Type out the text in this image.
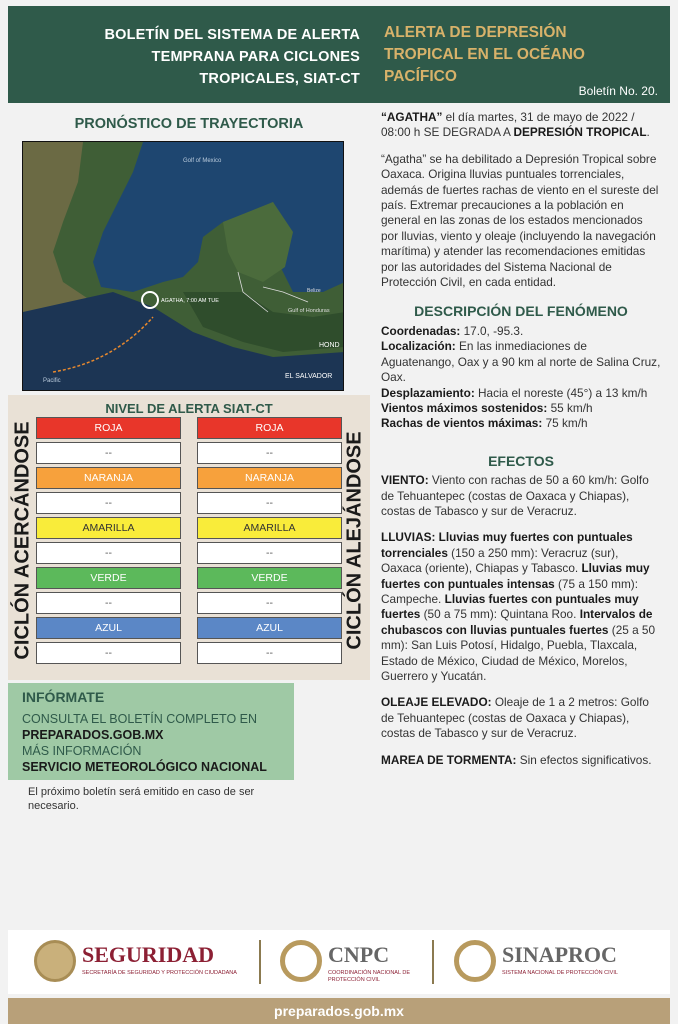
BOLETÍN DEL SISTEMA DE ALERTA
TEMPRANA PARA CICLONES
TROPICALES, SIAT-CT
ALERTA DE DEPRESIÓN
TROPICAL EN EL OCÉANO
PACÍFICO
Boletín No. 20.
PRONÓSTICO DE TRAYECTORIA
Golf of Mexico
Pacific
AGATHA, 7:00 AM TUE
Gulf of Honduras
HOND
EL SALVADOR
Belize
NIVEL DE ALERTA SIAT-CT
CICLÓN ACERCÁNDOSE	CICLÓN ALEJÁNDOSE
ROJA
--
NARANJA
--
AMARILLA
--
VERDE
--
AZUL
--
ROJA
--
NARANJA
--
AMARILLA
--
VERDE
--
AZUL
--
INFÓRMATE
CONSULTA EL BOLETÍN COMPLETO EN
PREPARADOS.GOB.MX
MÁS INFORMACIÓN
SERVICIO METEOROLÓGICO NACIONAL
El próximo boletín será emitido en caso de ser necesario.

“AGATHA” el día martes, 31 de mayo de 2022 / 08:00 h SE DEGRADA A DEPRESIÓN TROPICAL.

“Agatha” se ha debilitado a Depresión Tropical sobre Oaxaca. Origina lluvias puntuales torrenciales, además de fuertes rachas de viento en el sureste del país. Extremar precauciones a la población en general en las zonas de los estados mencionados por lluvias, viento y oleaje (incluyendo la navegación marítima) y atender las recomendaciones emitidas por las autoridades del Sistema Nacional de Protección Civil, en cada entidad.

DESCRIPCIÓN DEL FENÓMENO
Coordenadas: 17.0, -95.3.
Localización: En las inmediaciones de Aguatenango, Oax y a 90 km al norte de Salina Cruz, Oax.
Desplazamiento: Hacia el noreste (45°) a 13 km/h
Vientos máximos sostenidos: 55 km/h
Rachas de vientos máximas: 75 km/h
EFECTOS

VIENTO: Viento con rachas de 50 a 60 km/h: Golfo de Tehuantepec (costas de Oaxaca y Chiapas), costas de Tabasco y sur de Veracruz.

LLUVIAS: Lluvias muy fuertes con puntuales torrenciales (150 a 250 mm): Veracruz (sur), Oaxaca (oriente), Chiapas y Tabasco. Lluvias muy fuertes con puntuales intensas (75 a 150 mm): Campeche. Lluvias fuertes con puntuales muy fuertes (50 a 75 mm): Quintana Roo. Intervalos de chubascos con lluvias puntuales fuertes (25 a 50 mm): San Luis Potosí, Hidalgo, Puebla, Tlaxcala, Estado de México, Ciudad de México, Morelos, Guerrero y Yucatán.

OLEAJE ELEVADO: Oleaje de 1 a 2 metros: Golfo de Tehuantepec (costas de Oaxaca y Chiapas), costas de Tabasco y sur de Veracruz.

MAREA DE TORMENTA: Sin efectos significativos.

SEGURIDAD
SECRETARÍA DE SEGURIDAD Y PROTECCIÓN CIUDADANA
CNPC
COORDINACIÓN NACIONAL DE PROTECCIÓN CIVIL
SINAPROC
SISTEMA NACIONAL DE PROTECCIÓN CIVIL
preparados.gob.mx
